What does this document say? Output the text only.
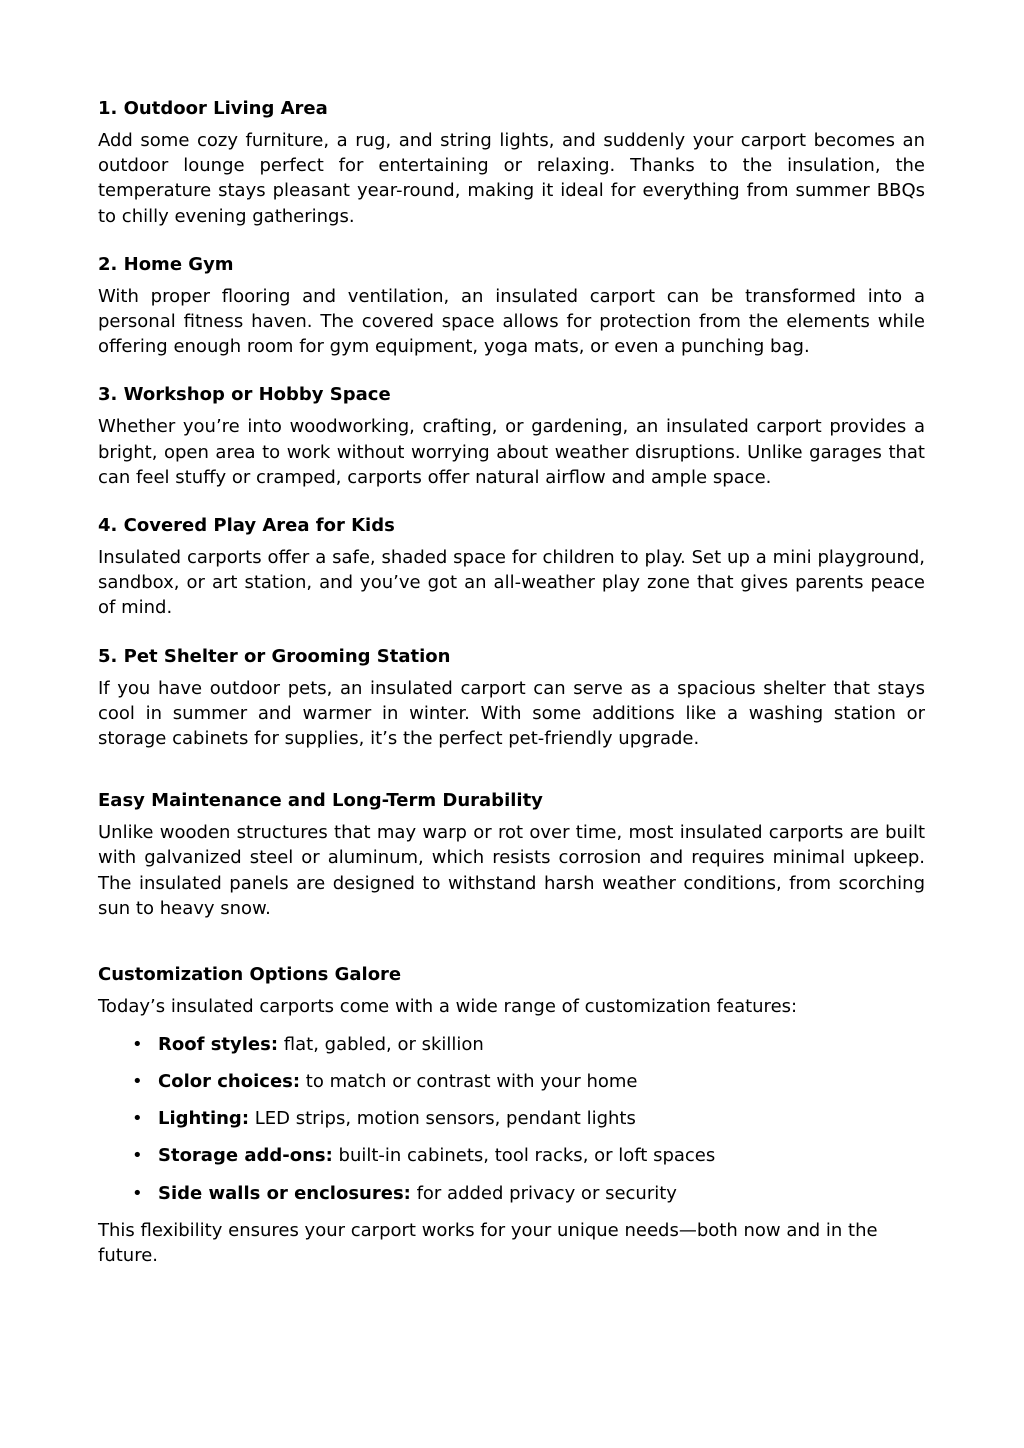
1. Outdoor Living Area

Add some cozy furniture, a rug, and string lights, and suddenly your carport becomes an outdoor lounge perfect for entertaining or relaxing. Thanks to the insulation, the temperature stays pleasant year-round, making it ideal for everything from summer BBQs to chilly evening gatherings.

2. Home Gym

With proper flooring and ventilation, an insulated carport can be transformed into a personal fitness haven. The covered space allows for protection from the elements while offering enough room for gym equipment, yoga mats, or even a punching bag.

3. Workshop or Hobby Space

Whether you’re into woodworking, crafting, or gardening, an insulated carport provides a bright, open area to work without worrying about weather disruptions. Unlike garages that can feel stuffy or cramped, carports offer natural airflow and ample space.

4. Covered Play Area for Kids

Insulated carports offer a safe, shaded space for children to play. Set up a mini playground, sandbox, or art station, and you’ve got an all-weather play zone that gives parents peace of mind.

5. Pet Shelter or Grooming Station

If you have outdoor pets, an insulated carport can serve as a spacious shelter that stays cool in summer and warmer in winter. With some additions like a washing station or storage cabinets for supplies, it’s the perfect pet-friendly upgrade.

Easy Maintenance and Long-Term Durability

Unlike wooden structures that may warp or rot over time, most insulated carports are built with galvanized steel or aluminum, which resists corrosion and requires minimal upkeep. The insulated panels are designed to withstand harsh weather conditions, from scorching sun to heavy snow.

Customization Options Galore

Today’s insulated carports come with a wide range of customization features:

• Roof styles: flat, gabled, or skillion
• Color choices: to match or contrast with your home
• Lighting: LED strips, motion sensors, pendant lights
• Storage add-ons: built-in cabinets, tool racks, or loft spaces
• Side walls or enclosures: for added privacy or security

This flexibility ensures your carport works for your unique needs—both now and in the future.
